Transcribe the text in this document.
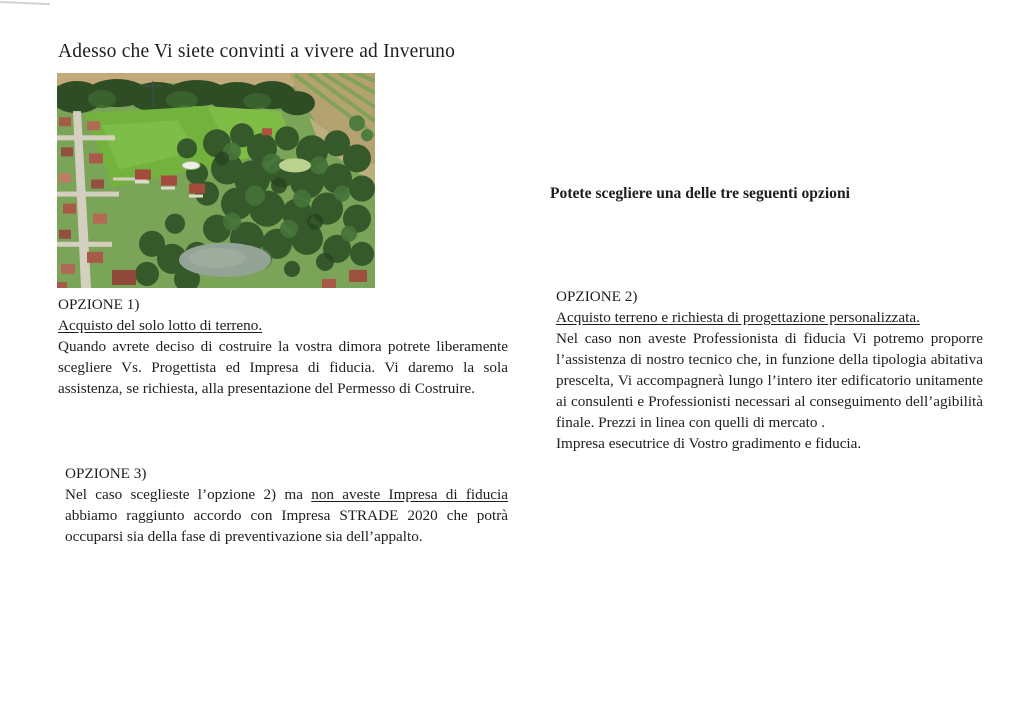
Adesso che Vi siete convinti a vivere ad Inveruno
Potete scegliere una delle tre seguenti opzioni
OPZIONE 1)
Acquisto del solo lotto di terreno.
Quando avrete deciso di costruire la vostra dimora potrete liberamente scegliere Vs. Progettista ed Impresa di fiducia. Vi daremo la sola assistenza, se richiesta, alla presentazione del Permesso di Costruire.
OPZIONE 3)
Nel caso sceglieste l’opzione 2) ma non aveste Impresa di fiducia abbiamo raggiunto accordo con Impresa STRADE 2020 che potrà occuparsi sia della fase di preventivazione sia dell’appalto.
OPZIONE 2)
Acquisto terreno e richiesta di progettazione personalizzata.
Nel caso non aveste Professionista di fiducia Vi potremo proporre l’assistenza di nostro tecnico che, in funzione della tipologia abitativa prescelta, Vi accompagnerà lungo l’intero iter edificatorio unitamente ai consulenti e Professionisti necessari al conseguimento dell’agibilità finale. Prezzi in linea con quelli di mercato .
Impresa esecutrice di Vostro gradimento e fiducia.
